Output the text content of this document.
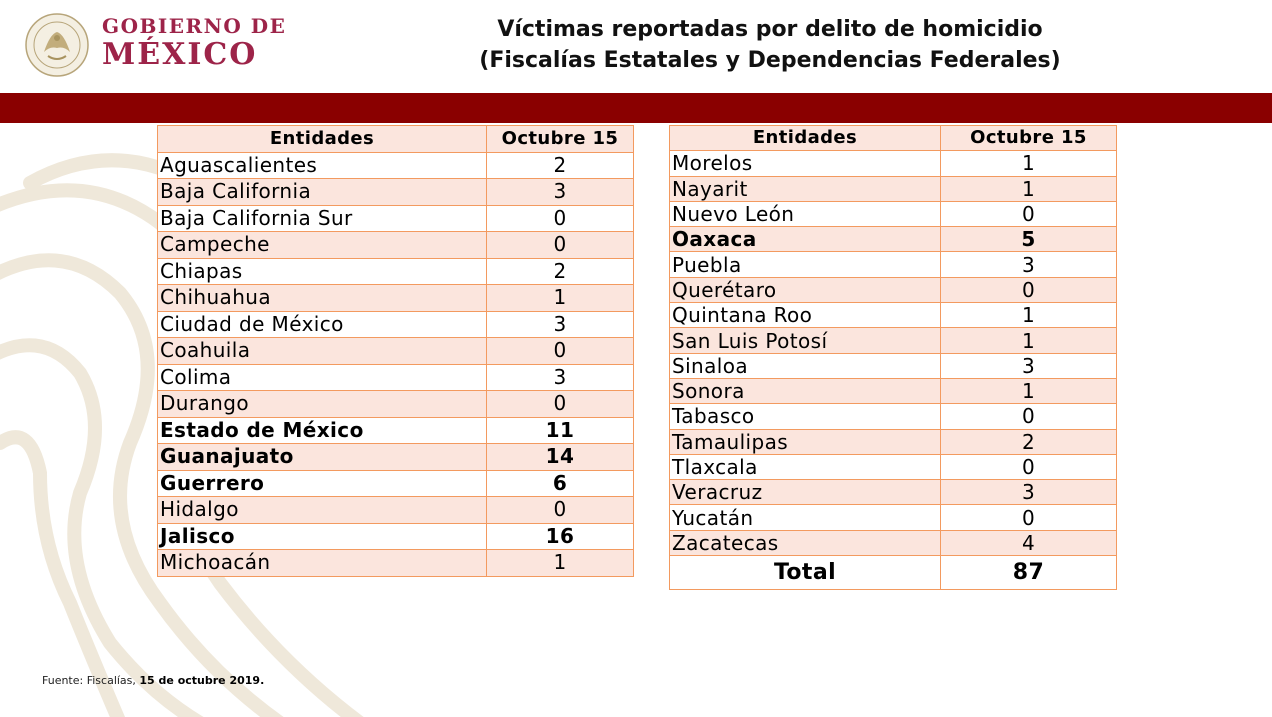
GOBIERNO DE
MÉXICO
Víctimas reportadas por delito de homicidio
(Fiscalías Estatales y Dependencias Federales)
Entidades	Octubre 15
Aguascalientes	2
Baja California	3
Baja California Sur	0
Campeche	0
Chiapas	2
Chihuahua	1
Ciudad de México	3
Coahuila	0
Colima	3
Durango	0
Estado de México	11
Guanajuato	14
Guerrero	6
Hidalgo	0
Jalisco	16
Michoacán	1
Entidades	Octubre 15
Morelos	1
Nayarit	1
Nuevo León	0
Oaxaca	5
Puebla	3
Querétaro	0
Quintana Roo	1
San Luis Potosí	1
Sinaloa	3
Sonora	1
Tabasco	0
Tamaulipas	2
Tlaxcala	0
Veracruz	3
Yucatán	0
Zacatecas	4
Total	87
Fuente: Fiscalías, 15 de octubre 2019.
